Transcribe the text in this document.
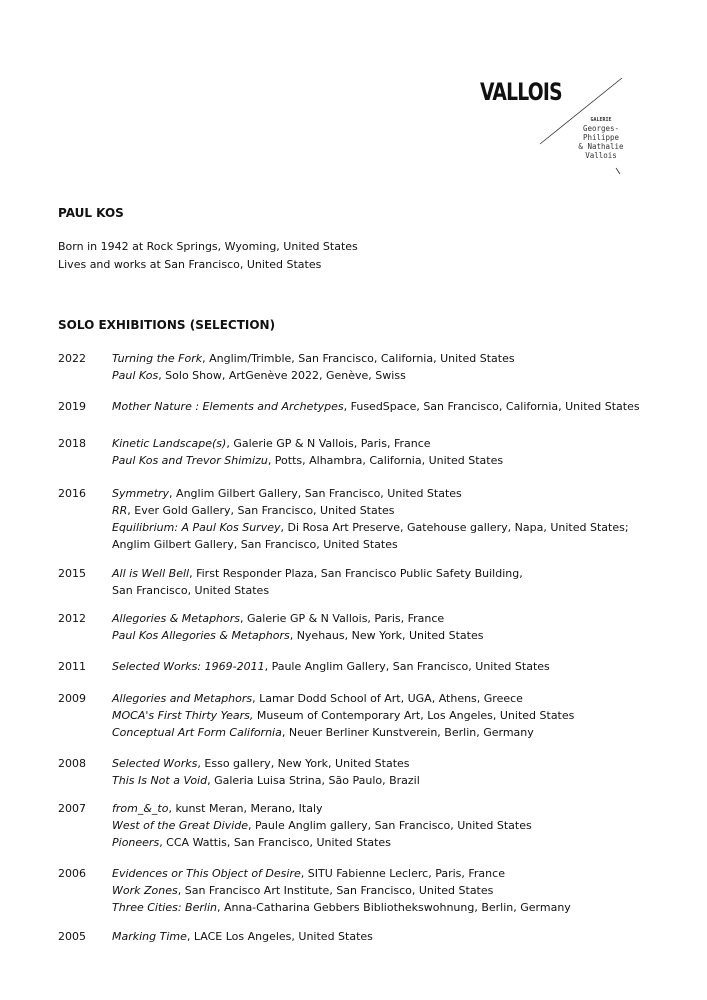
VALLOIS
GALERIE
Georges-Philippe
& Nathalie
Vallois
PAUL KOS
Born in 1942 at Rock Springs, Wyoming, United States
Lives and works at San Francisco, United States
SOLO EXHIBITIONS (SELECTION)
2022 Turning the Fork, Anglim/Trimble, San Francisco, California, United States
Paul Kos, Solo Show, ArtGenève 2022, Genève, Swiss
2019 Mother Nature : Elements and Archetypes, FusedSpace, San Francisco, California, United States
2018 Kinetic Landscape(s), Galerie GP & N Vallois, Paris, France
Paul Kos and Trevor Shimizu, Potts, Alhambra, California, United States
2016 Symmetry, Anglim Gilbert Gallery, San Francisco, United States
RR, Ever Gold Gallery, San Francisco, United States
Equilibrium: A Paul Kos Survey, Di Rosa Art Preserve, Gatehouse gallery, Napa, United States;
Anglim Gilbert Gallery, San Francisco, United States
2015 All is Well Bell, First Responder Plaza, San Francisco Public Safety Building,
San Francisco, United States
2012 Allegories & Metaphors, Galerie GP & N Vallois, Paris, France
Paul Kos Allegories & Metaphors, Nyehaus, New York, United States
2011 Selected Works: 1969-2011, Paule Anglim Gallery, San Francisco, United States
2009 Allegories and Metaphors, Lamar Dodd School of Art, UGA, Athens, Greece
MOCA's First Thirty Years, Museum of Contemporary Art, Los Angeles, United States
Conceptual Art Form California, Neuer Berliner Kunstverein, Berlin, Germany
2008 Selected Works, Esso gallery, New York, United States
This Is Not a Void, Galeria Luisa Strina, São Paulo, Brazil
2007 from_&_to, kunst Meran, Merano, Italy
West of the Great Divide, Paule Anglim gallery, San Francisco, United States
Pioneers, CCA Wattis, San Francisco, United States
2006 Evidences or This Object of Desire, SITU Fabienne Leclerc, Paris, France
Work Zones, San Francisco Art Institute, San Francisco, United States
Three Cities: Berlin, Anna-Catharina Gebbers Bibliothekswohnung, Berlin, Germany
2005 Marking Time, LACE Los Angeles, United States
